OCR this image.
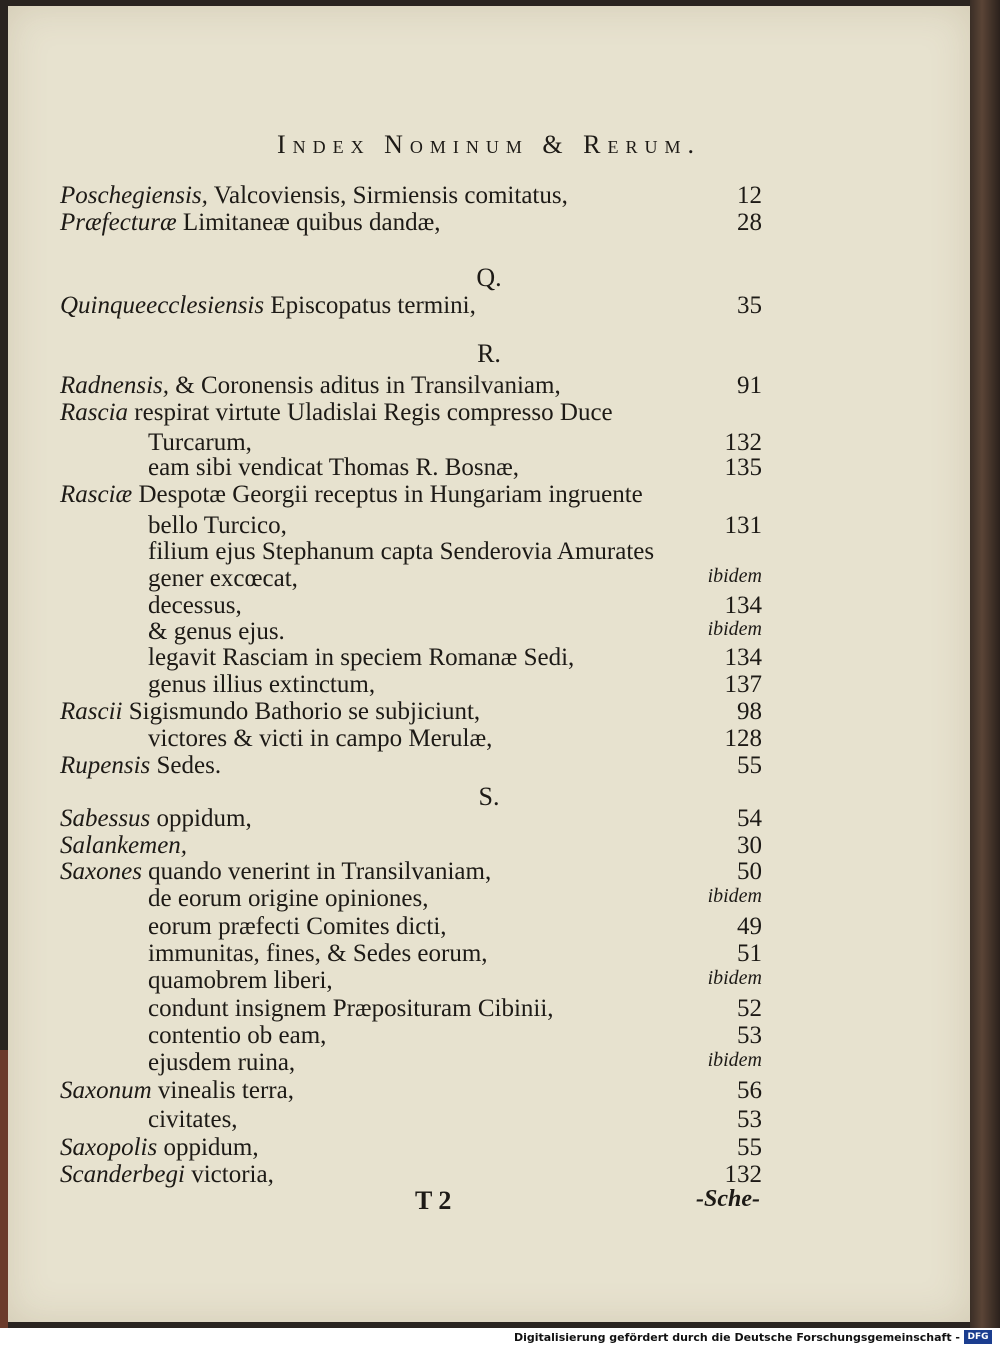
Index Nominum & Rerum.
Poschegiensis, Valcoviensis, Sirmiensis comitatus,	12
Præfecturæ Limitaneæ quibus dandæ,	28
Q.
Quinqueecclesiensis Episcopatus termini,	35
R.
Radnensis, & Coronensis aditus in Transilvaniam,	91
Rascia respirat virtute Uladislai Regis compresso Duce
Turcarum,	132
eam sibi vendicat Thomas R. Bosnæ,	135
Rasciæ Despotæ Georgii receptus in Hungariam ingruente
bello Turcico,	131
filium ejus Stephanum capta Senderovia Amurates
gener excœcat,	ibidem
decessus,	134
& genus ejus.	ibidem
legavit Rasciam in speciem Romanæ Sedi,	134
genus illius extinctum,	137
Rascii Sigismundo Bathorio se subjiciunt,	98
victores & victi in campo Merulæ,	128
Rupensis Sedes.	55
S.
Sabessus oppidum,	54
Salankemen,	30
Saxones quando venerint in Transilvaniam,	50
de eorum origine opiniones,	ibidem
eorum præfecti Comites dicti,	49
immunitas, fines, & Sedes eorum,	51
quamobrem liberi,	ibidem
condunt insignem Præposituram Cibinii,	52
contentio ob eam,	53
ejusdem ruina,	ibidem
Saxonum vinealis terra,	56
civitates,	53
Saxopolis oppidum,	55
Scanderbegi victoria,	132
T 2	-Sche-
Digitalisierung gefördert durch die Deutsche Forschungsgemeinschaft - DFG
